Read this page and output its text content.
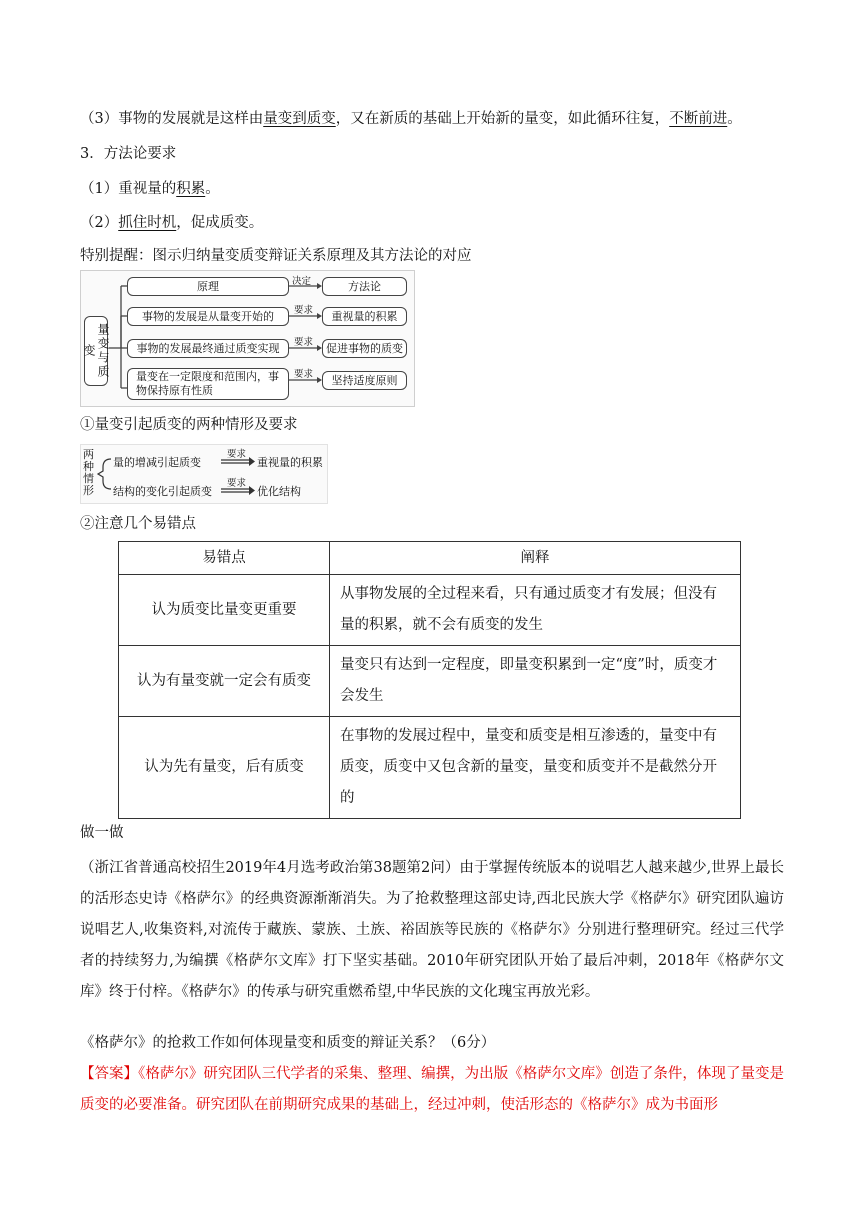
（3）事物的发展就是这样由量变到质变，又在新质的基础上开始新的量变，如此循环往复，不断前进。
3．方法论要求
（1）重视量的积累。
（2）抓住时机，促成质变。
特别提醒：图示归纳量变质变辩证关系原理及其方法论的对应
量变与质变
原理	决定	方法论
事物的发展是从量变开始的	要求	重视量的积累
事物的发展最终通过质变实现	要求	促进事物的质变
量变在一定限度和范围内，事物保持原有性质
要求	坚持适度原则
①量变引起质变的两种情形及要求
两种情形
量的增减引起质变
要求
重视量的积累
结构的变化引起质变
要求
优化结构
②注意几个易错点
易错点	阐释
认为质变比量变更重要	从事物发展的全过程来看，只有通过质变才有发展；但没有量的积累，就不会有质变的发生
认为有量变就一定会有质变	量变只有达到一定程度，即量变积累到一定“度”时，质变才会发生
认为先有量变，后有质变	在事物的发展过程中，量变和质变是相互渗透的，量变中有质变，质变中又包含新的量变，量变和质变并不是截然分开的
做一做
（浙江省普通高校招生2019年4月选考政治第38题第2问）由于掌握传统版本的说唱艺人越来越少,世界上最长的活形态史诗《格萨尔》的经典资源渐渐消失。为了抢救整理这部史诗,西北民族大学《格萨尔》研究团队遍访说唱艺人,收集资料,对流传于藏族、蒙族、土族、裕固族等民族的《格萨尔》分别进行整理研究。经过三代学者的持续努力,为编撰《格萨尔文库》打下坚实基础。2010年研究团队开始了最后冲刺，2018年《格萨尔文库》终于付梓。《格萨尔》的传承与研究重燃希望,中华民族的文化瑰宝再放光彩。
《格萨尔》的抢救工作如何体现量变和质变的辩证关系？（6分）
【答案】《格萨尔》研究团队三代学者的采集、整理、编撰，为出版《格萨尔文库》创造了条件，体现了量变是质变的必要准备。研究团队在前期研究成果的基础上，经过冲刺，使活形态的《格萨尔》成为书面形
